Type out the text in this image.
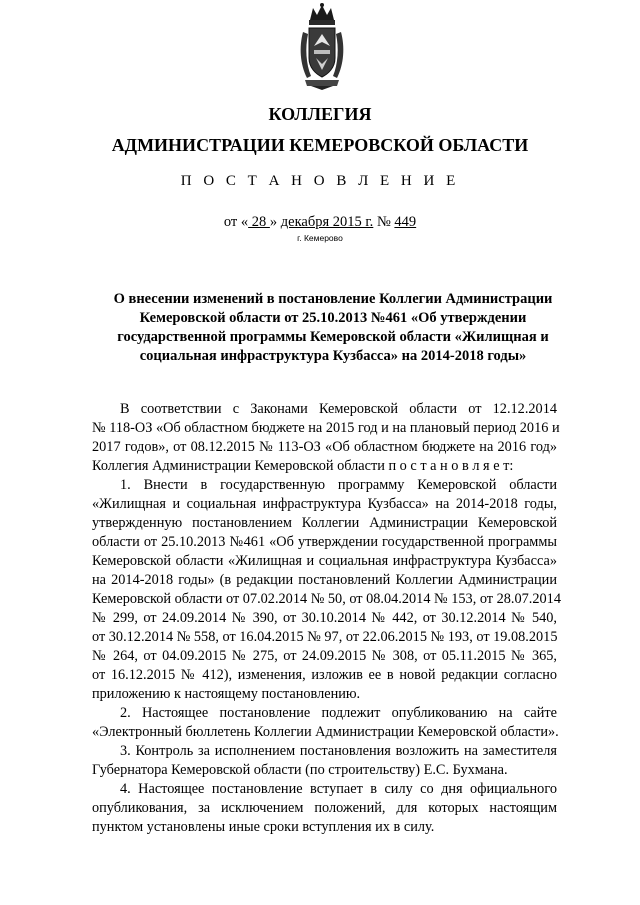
КОЛЛЕГИЯ
АДМИНИСТРАЦИИ КЕМЕРОВСКОЙ ОБЛАСТИ
П О С Т А Н О В Л Е Н И Е
от « 28 » декабря 2015 г. № 449
г. Кемерово
О внесении изменений в постановление Коллегии Администрации
Кемеровской области от 25.10.2013 №461 «Об утверждении
государственной программы Кемеровской области «Жилищная и
социальная инфраструктура Кузбасса» на 2014-2018 годы»
В соответствии с Законами Кемеровской области от 12.12.2014
№ 118-ОЗ «Об областном бюджете на 2015 год и на плановый период 2016 и
2017 годов», от 08.12.2015 № 113-ОЗ «Об областном бюджете на 2016 год»
Коллегия Администрации Кемеровской области п о с т а н о в л я е т:
1. Внести в государственную программу Кемеровской области
«Жилищная и социальная инфраструктура Кузбасса» на 2014-2018 годы,
утвержденную постановлением Коллегии Администрации Кемеровской
области от 25.10.2013 №461 «Об утверждении государственной программы
Кемеровской области «Жилищная и социальная инфраструктура Кузбасса»
на 2014-2018 годы» (в редакции постановлений Коллегии Администрации
Кемеровской области от 07.02.2014 № 50, от 08.04.2014 № 153, от 28.07.2014
№ 299, от 24.09.2014 № 390, от 30.10.2014 № 442, от 30.12.2014 № 540,
от 30.12.2014 № 558, от 16.04.2015 № 97, от 22.06.2015 № 193, от 19.08.2015
№ 264, от 04.09.2015 № 275, от 24.09.2015 № 308, от 05.11.2015 № 365,
от 16.12.2015 № 412), изменения, изложив ее в новой редакции согласно
приложению к настоящему постановлению.
2. Настоящее постановление подлежит опубликованию на сайте
«Электронный бюллетень Коллегии Администрации Кемеровской области».
3. Контроль за исполнением постановления возложить на заместителя
Губернатора Кемеровской области (по строительству) Е.С. Бухмана.
4. Настоящее постановление вступает в силу со дня официального
опубликования, за исключением положений, для которых настоящим
пунктом установлены иные сроки вступления их в силу.
